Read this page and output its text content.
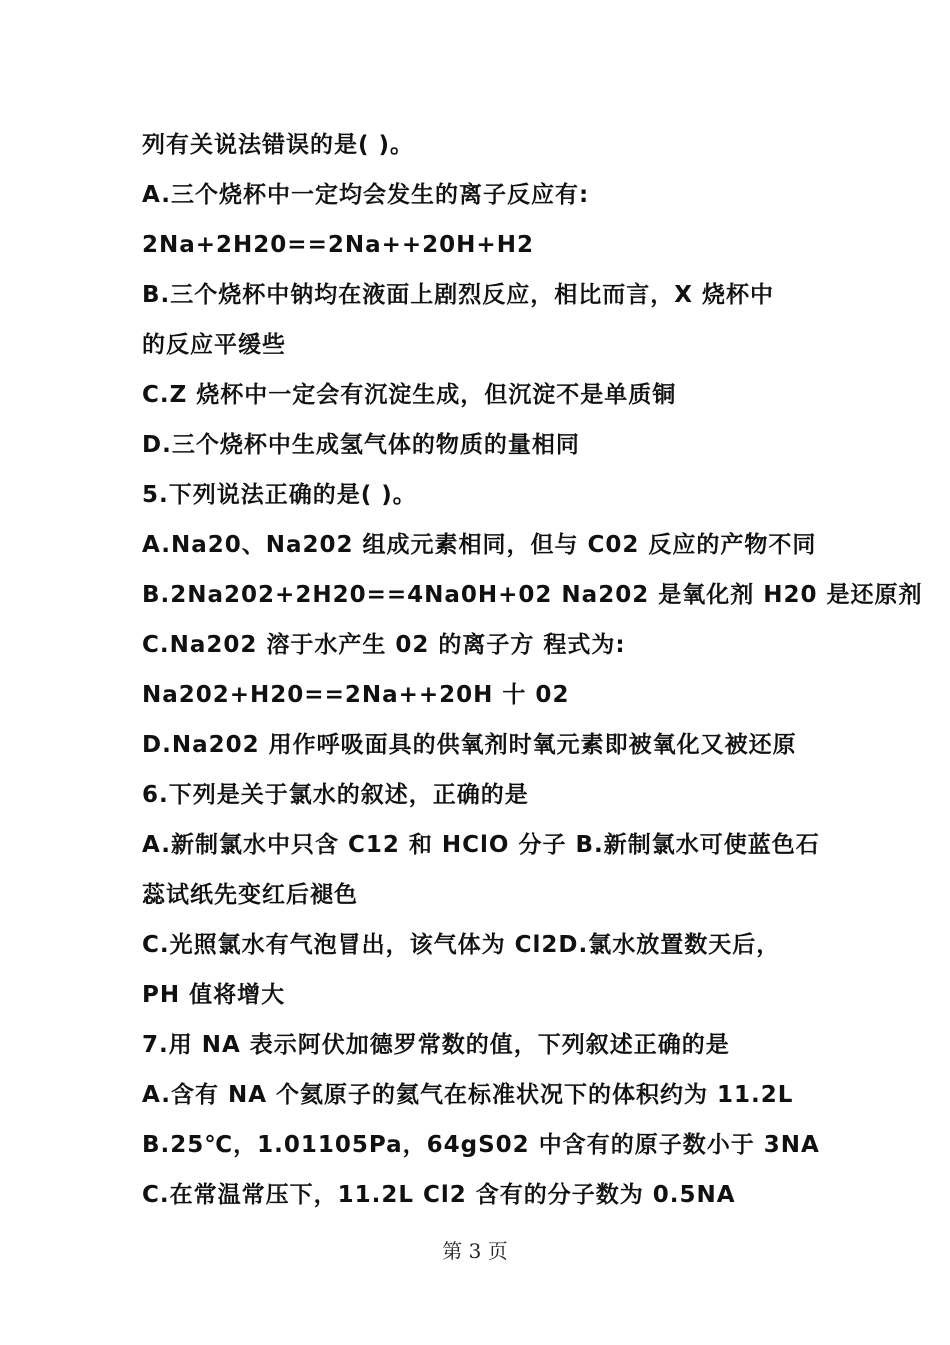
列有关说法错误的是( )。
A.三个烧杯中一定均会发生的离子反应有:
2Na+2H20==2Na++20H+H2
B.三个烧杯中钠均在液面上剧烈反应，相比而言，X 烧杯中
的反应平缓些
C.Z 烧杯中一定会有沉淀生成，但沉淀不是单质铜
D.三个烧杯中生成氢气体的物质的量相同
5.下列说法正确的是( )。
A.Na20、Na202 组成元素相同，但与 C02 反应的产物不同
B.2Na202+2H20==4Na0H+02 Na202 是氧化剂 H20 是还原剂
C.Na202 溶于水产生 02 的离子方 程式为:
Na202+H20==2Na++20H 十 02
D.Na202 用作呼吸面具的供氧剂时氧元素即被氧化又被还原
6.下列是关于氯水的叙述，正确的是
A.新制氯水中只含 C12 和 HClO 分子 B.新制氯水可使蓝色石
蕊试纸先变红后褪色
C.光照氯水有气泡冒出，该气体为 Cl2D.氯水放置数天后，
PH 值将增大
7.用 NA 表示阿伏加德罗常数的值，下列叙述正确的是
A.含有 NA 个氦原子的氦气在标准状况下的体积约为 11.2L
B.25℃，1.01105Pa，64gS02 中含有的原子数小于 3NA
C.在常温常压下，11.2L Cl2 含有的分子数为 0.5NA
第 3 页
